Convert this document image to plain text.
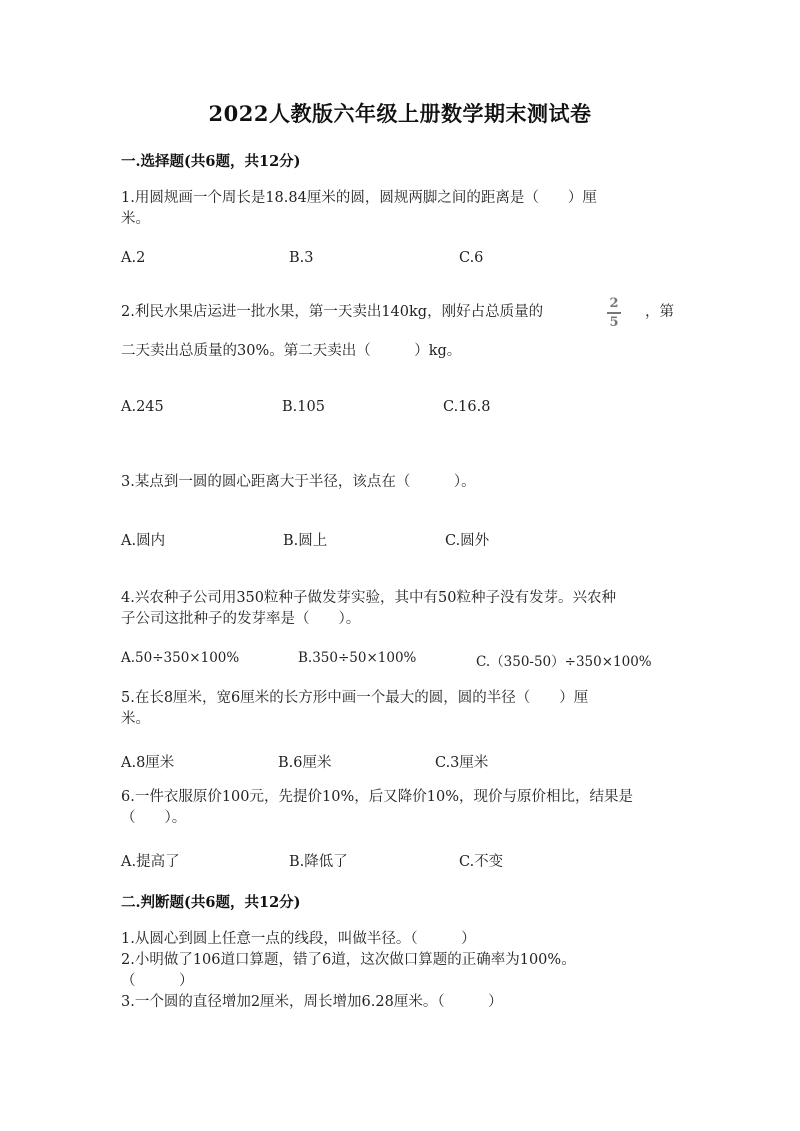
2022人教版六年级上册数学期末测试卷
一.选择题(共6题，共12分)
1.用圆规画一个周长是18.84厘米的圆，圆规两脚之间的距离是（　　）厘
米。
A.2	B.3	C.6
2.利民水果店运进一批水果，第一天卖出140kg，刚好占总质量的
2
5
，第
二天卖出总质量的30%。第二天卖出（　　　）kg。
A.245	B.105	C.16.8
3.某点到一圆的圆心距离大于半径，该点在（　　　）。
A.圆内	B.圆上	C.圆外
4.兴农种子公司用350粒种子做发芽实验，其中有50粒种子没有发芽。兴农种
子公司这批种子的发芽率是（　　）。
A.50÷350×100%	B.350÷50×100%	C.（350-50）÷350×100%
5.在长8厘米，宽6厘米的长方形中画一个最大的圆，圆的半径（　　）厘
米。
A.8厘米	B.6厘米	C.3厘米
6.一件衣服原价100元，先提价10%，后又降价10%，现价与原价相比，结果是
（　　）。
A.提高了	B.降低了	C.不变
二.判断题(共6题，共12分)
1.从圆心到圆上任意一点的线段，叫做半径。（　　　）
2.小明做了106道口算题，错了6道，这次做口算题的正确率为100%。
（　　　）
3.一个圆的直径增加2厘米，周长增加6.28厘米。（　　　）
